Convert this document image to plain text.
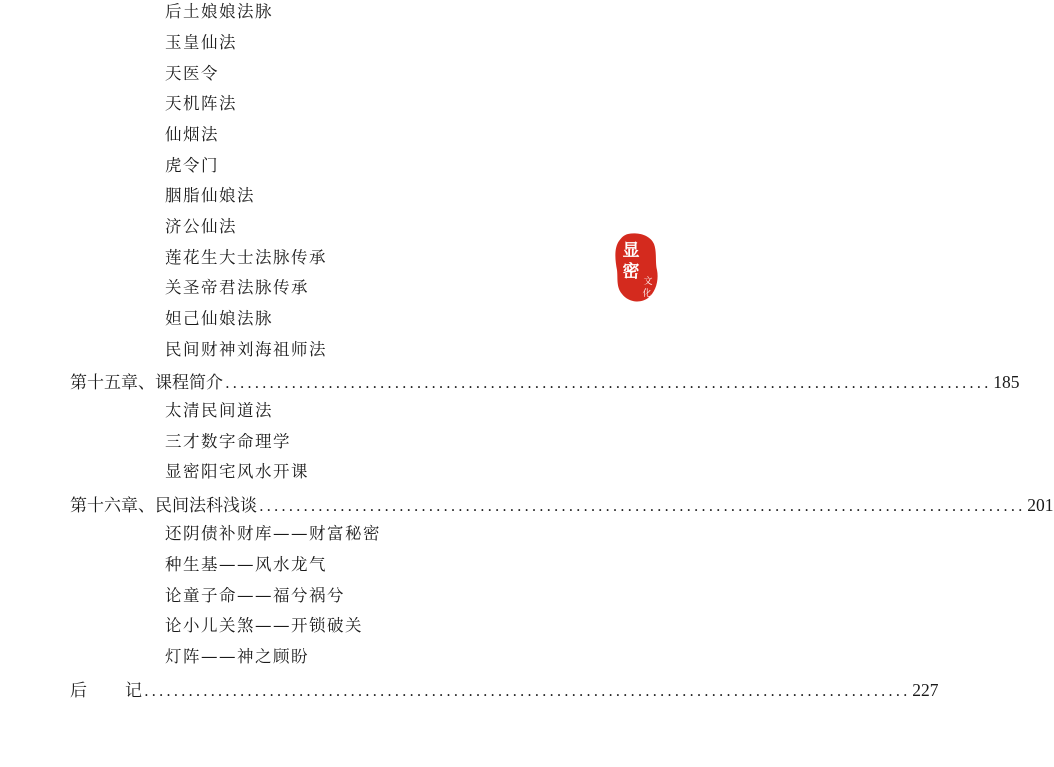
后土娘娘法脉
玉皇仙法
天医令
天机阵法
仙烟法
虎令门
胭脂仙娘法
济公仙法
莲花生大士法脉传承
关圣帝君法脉传承
妲己仙娘法脉
民间财神刘海祖师法
第十五章、课程简介 ........................................................................................................ 185
太清民间道法
三才数字命理学
显密阳宅风水开课
第十六章、民间法科浅谈 ........................................................................................................ 201
还阴债补财库——财富秘密
种生基——风水龙气
论童子命——福兮祸兮
论小儿关煞——开锁破关
灯阵——神之顾盼
后 记 ........................................................................................................ 227
显
密 文
化
